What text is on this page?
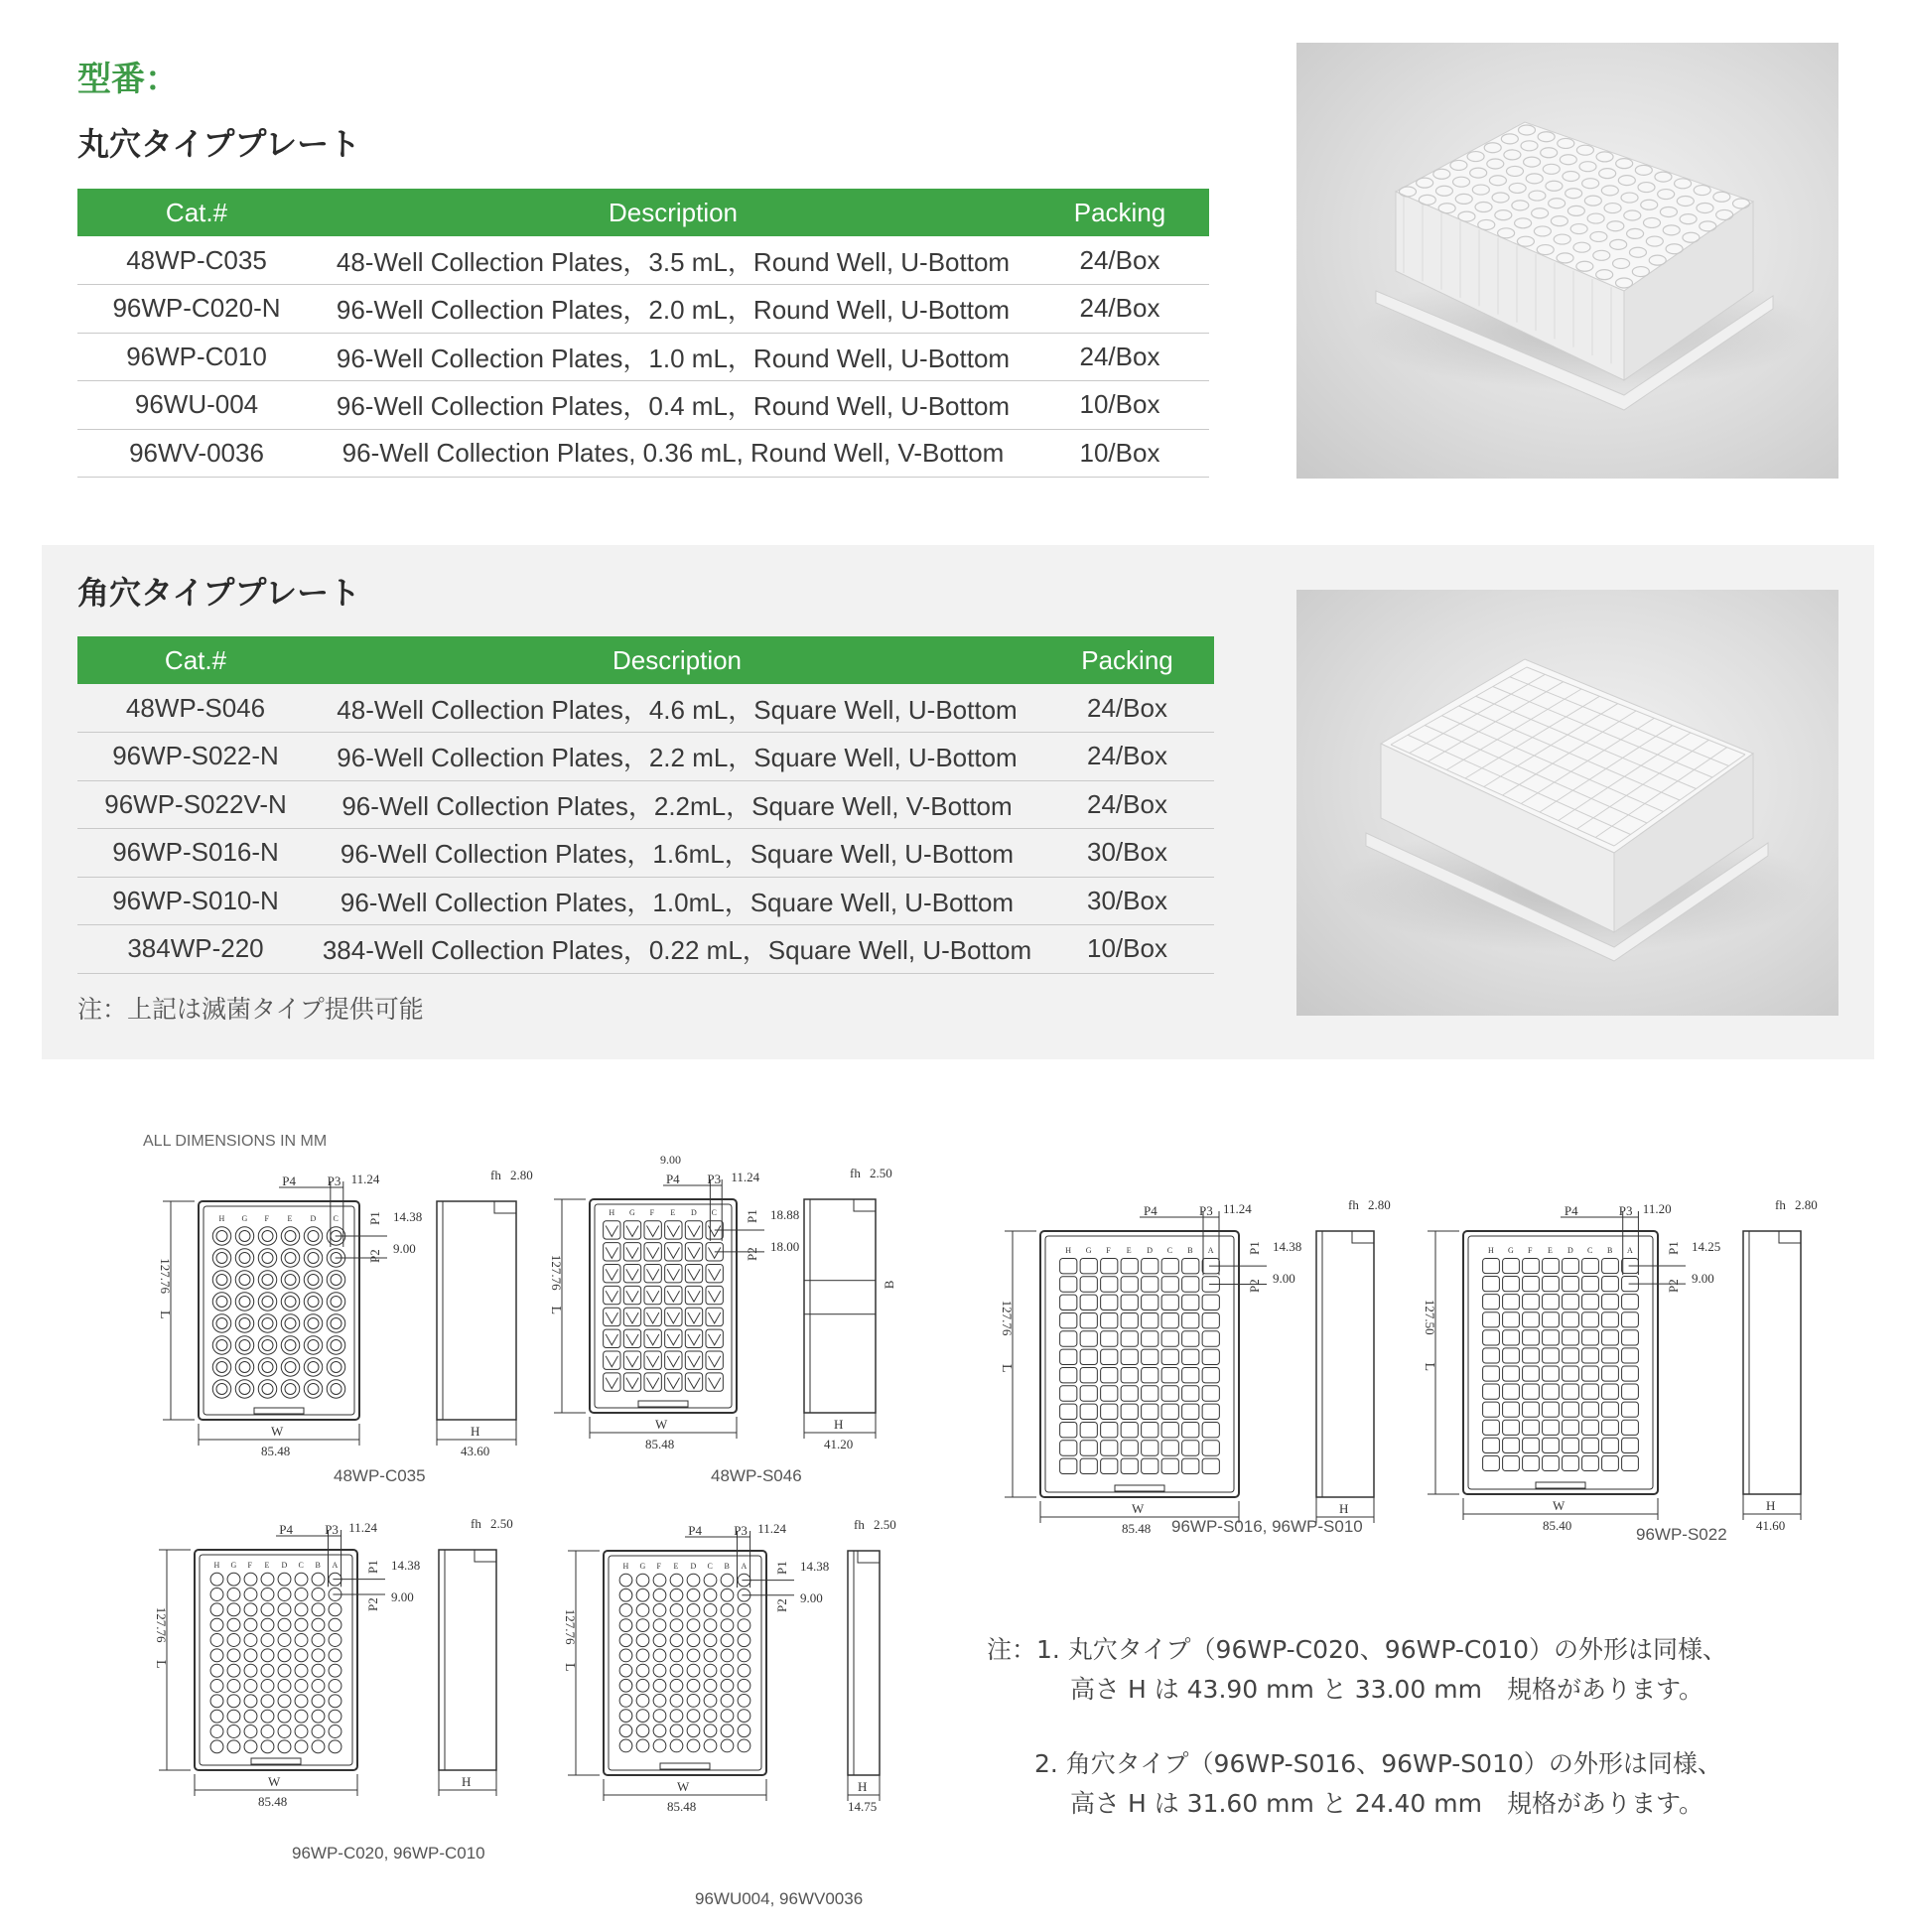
型番：
丸穴タイププレート
Cat.#	Description	Packing
48WP-C035	48-Well Collection Plates，3.5 mL，Round Well, U-Bottom	24/Box
96WP-C020-N	96-Well Collection Plates，2.0 mL，Round Well, U-Bottom	24/Box
96WP-C010	96-Well Collection Plates，1.0 mL，Round Well, U-Bottom	24/Box
96WU-004	96-Well Collection Plates，0.4 mL，Round Well, U-Bottom	10/Box
96WV-0036	96-Well Collection Plates, 0.36 mL, Round Well, V-Bottom	10/Box
角穴タイププレート
Cat.#	Description	Packing
48WP-S046	48-Well Collection Plates，4.6 mL，Square Well, U-Bottom	24/Box
96WP-S022-N	96-Well Collection Plates，2.2 mL，Square Well, U-Bottom	24/Box
96WP-S022V-N	96-Well Collection Plates，2.2mL，Square Well, V-Bottom	24/Box
96WP-S016-N	96-Well Collection Plates，1.6mL，Square Well, U-Bottom	30/Box
96WP-S010-N	96-Well Collection Plates，1.0mL，Square Well, U-Bottom	30/Box
384WP-220	384-Well Collection Plates，0.22 mL，Square Well, U-Bottom	10/Box
注：上記は滅菌タイプ提供可能
ALL DIMENSIONS IN MM
H G F E D C
127.76
L
W
85.48
P4 P3 11.24
P1 14.38
P2
9.00
fh 2.80
H
43.60
H G F E D C
127.76
L
W
85.48
P4 P3 11.24
9.00
P1 18.88
P2
18.00
fh 2.50
H
41.20
B
H G F E D C B A
127.76
L
W
85.48
P4 P3 11.24
P1 14.38
P2
9.00
fh 2.50
H
H G F E D C B A
127.76
L
W
85.48
P4 P3 11.24
P1 14.38
P2
9.00
fh 2.50
H
14.75
H G F E D C B A
127.76
L
W
85.48
P4	P3 11.24
P1 14.38
P2
9.00
fh 2.80
H
H G F E D C B A
127.50
L
W
85.40
P4	P3 11.20
P1 14.25
P2
9.00
fh 2.80
H
41.60
48WP-C035	48WP-S046
96WP-C020, 96WP-C010
96WU004, 96WV0036
96WP-S016, 96WP-S010	96WP-S022
注：1. 丸穴タイプ（96WP-C020、96WP-C010）の外形は同様、
高さ H は 43.90 mm と 33.00 mm　規格があります。
2. 角穴タイプ（96WP-S016、96WP-S010）の外形は同様、
高さ H は 31.60 mm と 24.40 mm　規格があります。
